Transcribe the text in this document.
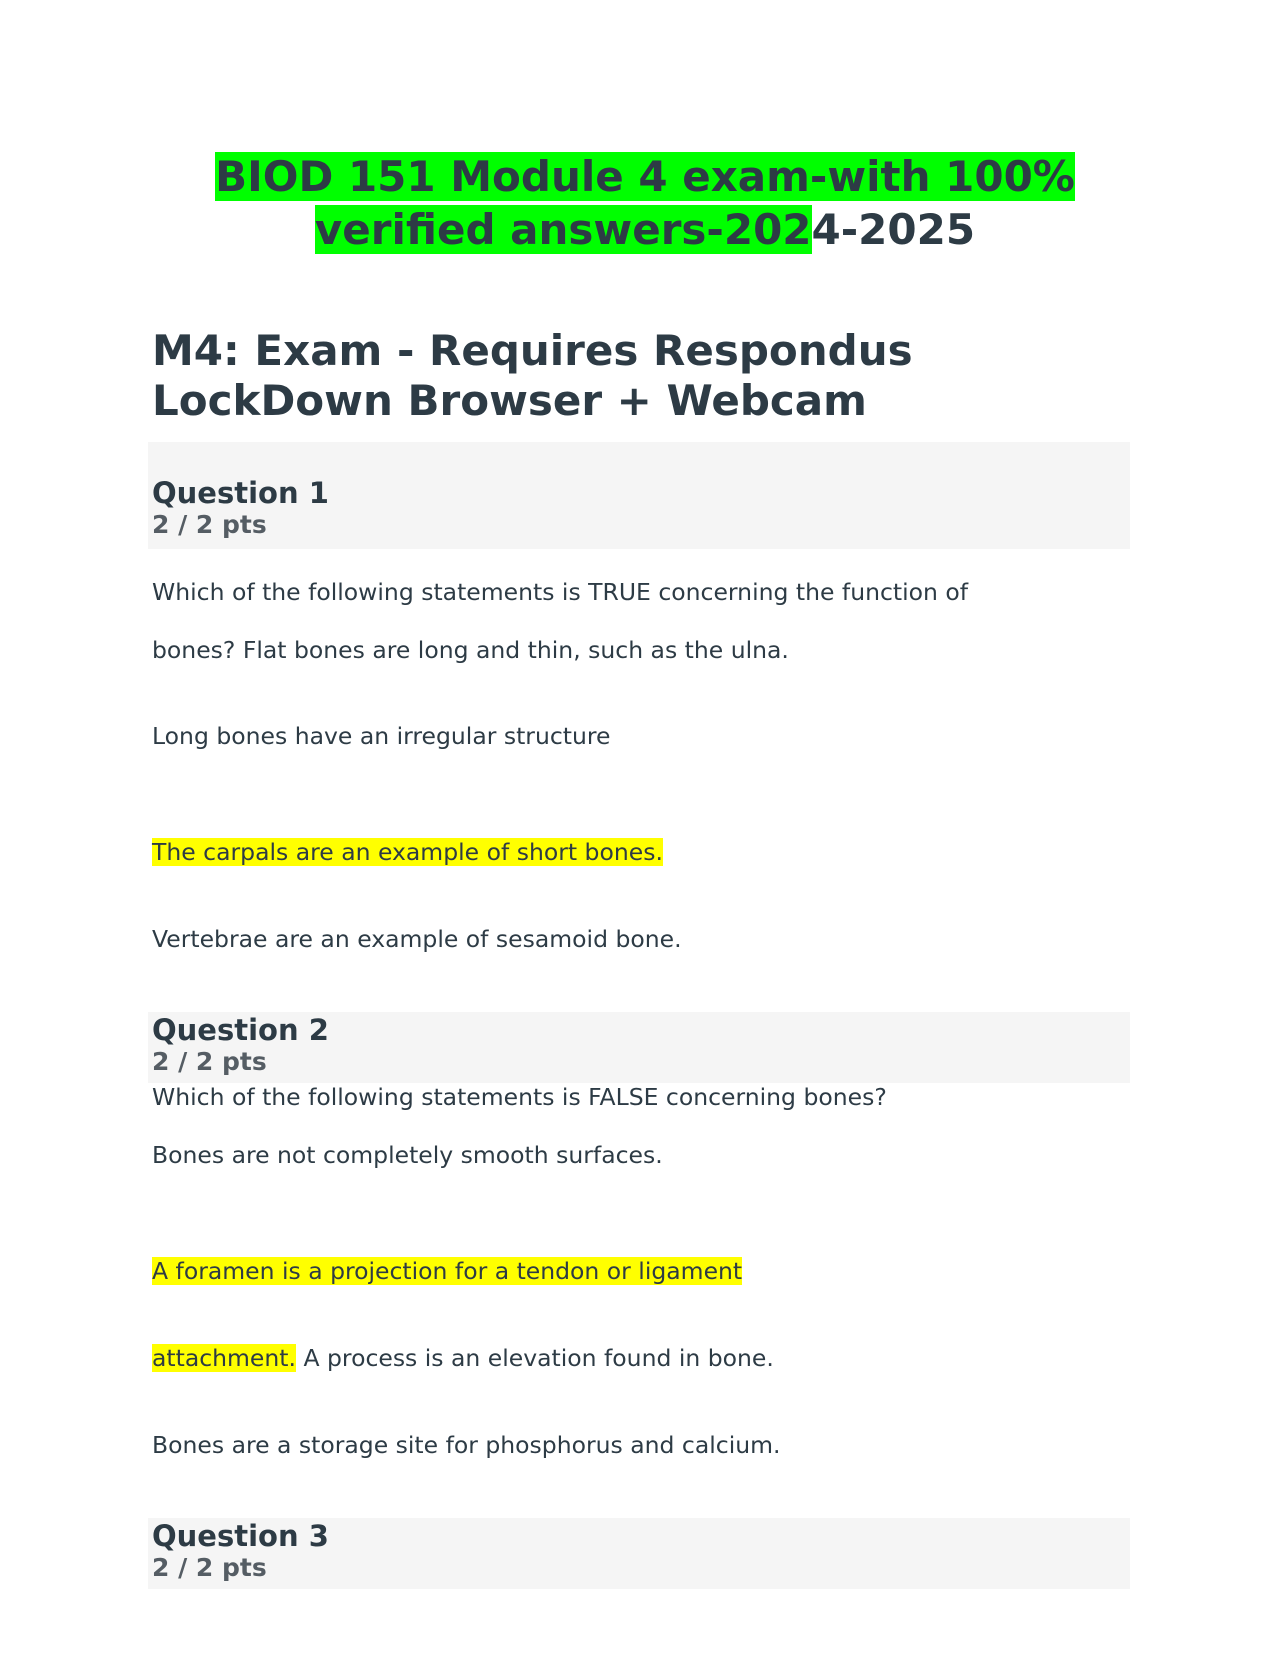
BIOD 151 Module 4 exam-with 100% verified answers-2024-2025
M4: Exam - Requires Respondus LockDown Browser + Webcam
Question 1
2 / 2 pts

Which of the following statements is TRUE concerning the function of

bones? Flat bones are long and thin, such as the ulna.

Long bones have an irregular structure

The carpals are an example of short bones.

Vertebrae are an example of sesamoid bone.

Question 2
2 / 2 pts

Which of the following statements is FALSE concerning bones?

Bones are not completely smooth surfaces.

A foramen is a projection for a tendon or ligament

attachment. A process is an elevation found in bone.

Bones are a storage site for phosphorus and calcium.

Question 3
2 / 2 pts
